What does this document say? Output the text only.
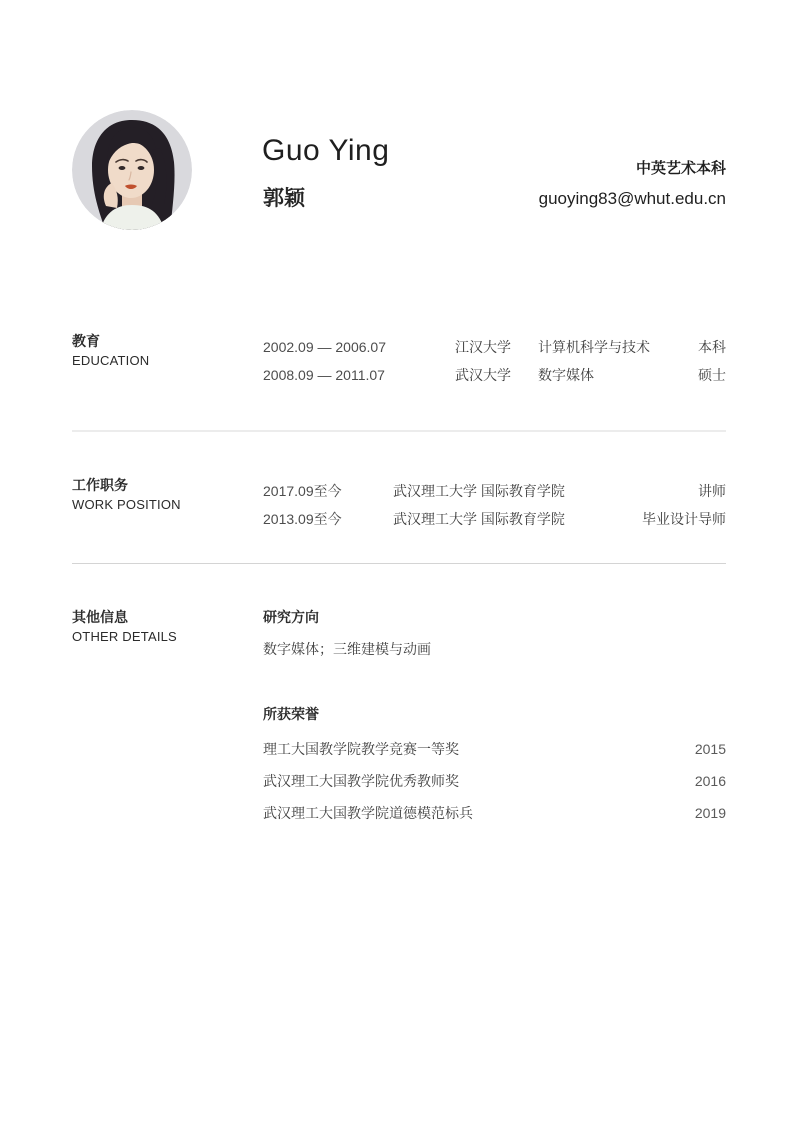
Guo Ying
郭颖
中英艺术本科
guoying83@whut.edu.cn
教育
EDUCATION
2002.09 — 2006.07	江汉大学	计算机科学与技术	本科
2008.09 — 2011.07	武汉大学	数字媒体	硕士
工作职务
WORK POSITION
2017.09至今	武汉理工大学 国际教育学院	讲师
2013.09至今	武汉理工大学 国际教育学院	毕业设计导师
其他信息
OTHER DETAILS
研究方向
数字媒体；三维建模与动画
所获荣誉
理工大国教学院教学竞赛一等奖	2015
武汉理工大国教学院优秀教师奖	2016
武汉理工大国教学院道德模范标兵	2019
